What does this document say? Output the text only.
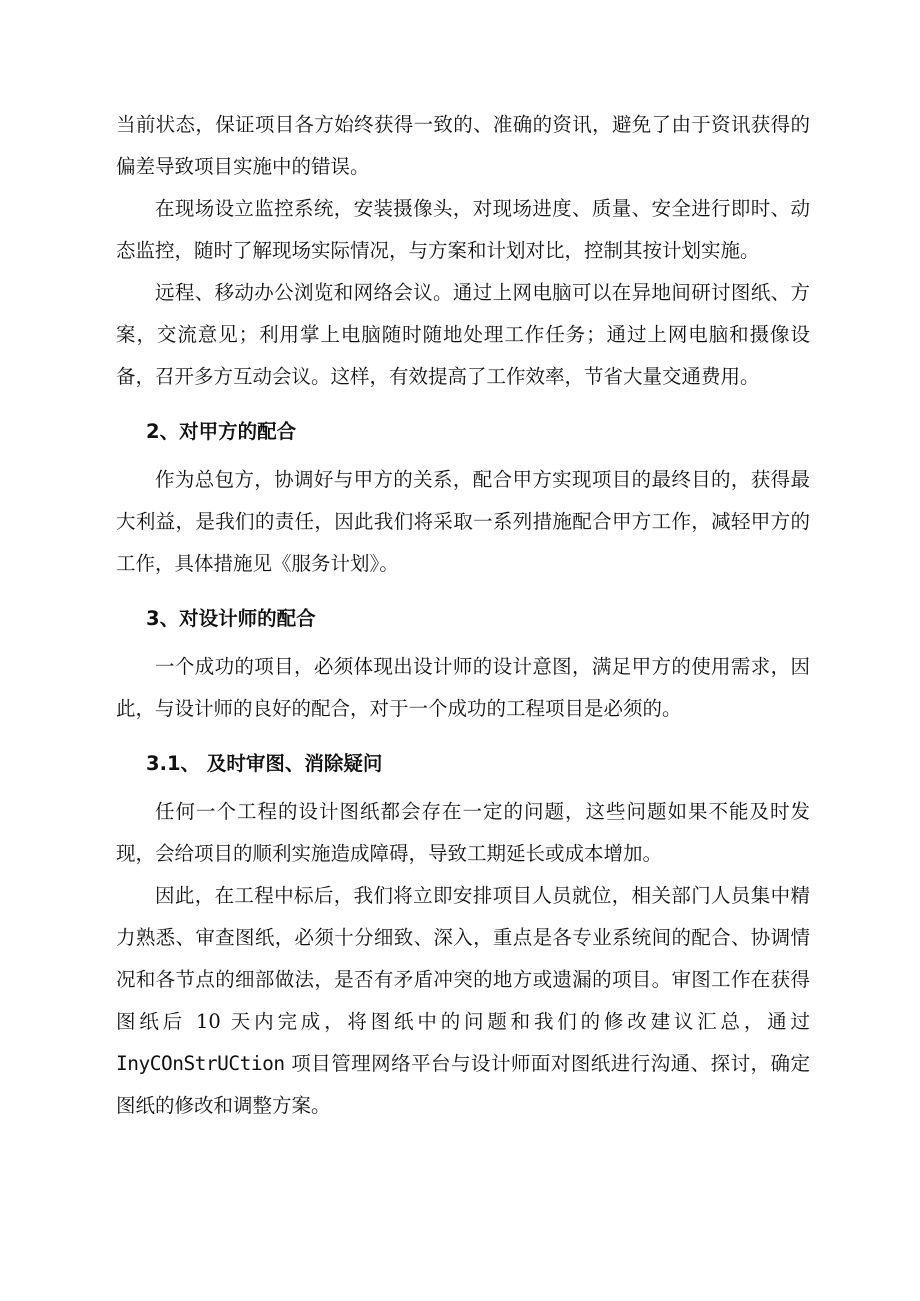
当前状态，保证项目各方始终获得一致的、准确的资讯，避免了由于资讯获得的偏差导致项目实施中的错误。

在现场设立监控系统，安装摄像头，对现场进度、质量、安全进行即时、动态监控，随时了解现场实际情况，与方案和计划对比，控制其按计划实施。

远程、移动办公浏览和网络会议。通过上网电脑可以在异地间研讨图纸、方案，交流意见；利用掌上电脑随时随地处理工作任务；通过上网电脑和摄像设备，召开多方互动会议。这样，有效提高了工作效率，节省大量交通费用。

2、对甲方的配合

作为总包方，协调好与甲方的关系，配合甲方实现项目的最终目的，获得最大利益，是我们的责任，因此我们将采取一系列措施配合甲方工作，减轻甲方的工作，具体措施见《服务计划》。

3、对设计师的配合

一个成功的项目，必须体现出设计师的设计意图，满足甲方的使用需求，因此，与设计师的良好的配合，对于一个成功的工程项目是必须的。

3.1、 及时审图、消除疑问

任何一个工程的设计图纸都会存在一定的问题，这些问题如果不能及时发现，会给项目的顺利实施造成障碍，导致工期延长或成本增加。

因此，在工程中标后，我们将立即安排项目人员就位，相关部门人员集中精力熟悉、审查图纸，必须十分细致、深入，重点是各专业系统间的配合、协调情况和各节点的细部做法，是否有矛盾冲突的地方或遗漏的项目。审图工作在获得图纸后 10 天内完成，将图纸中的问题和我们的修改建议汇总，通过InyCOnStrUCtion 项目管理网络平台与设计师面对图纸进行沟通、探讨，确定图纸的修改和调整方案。
